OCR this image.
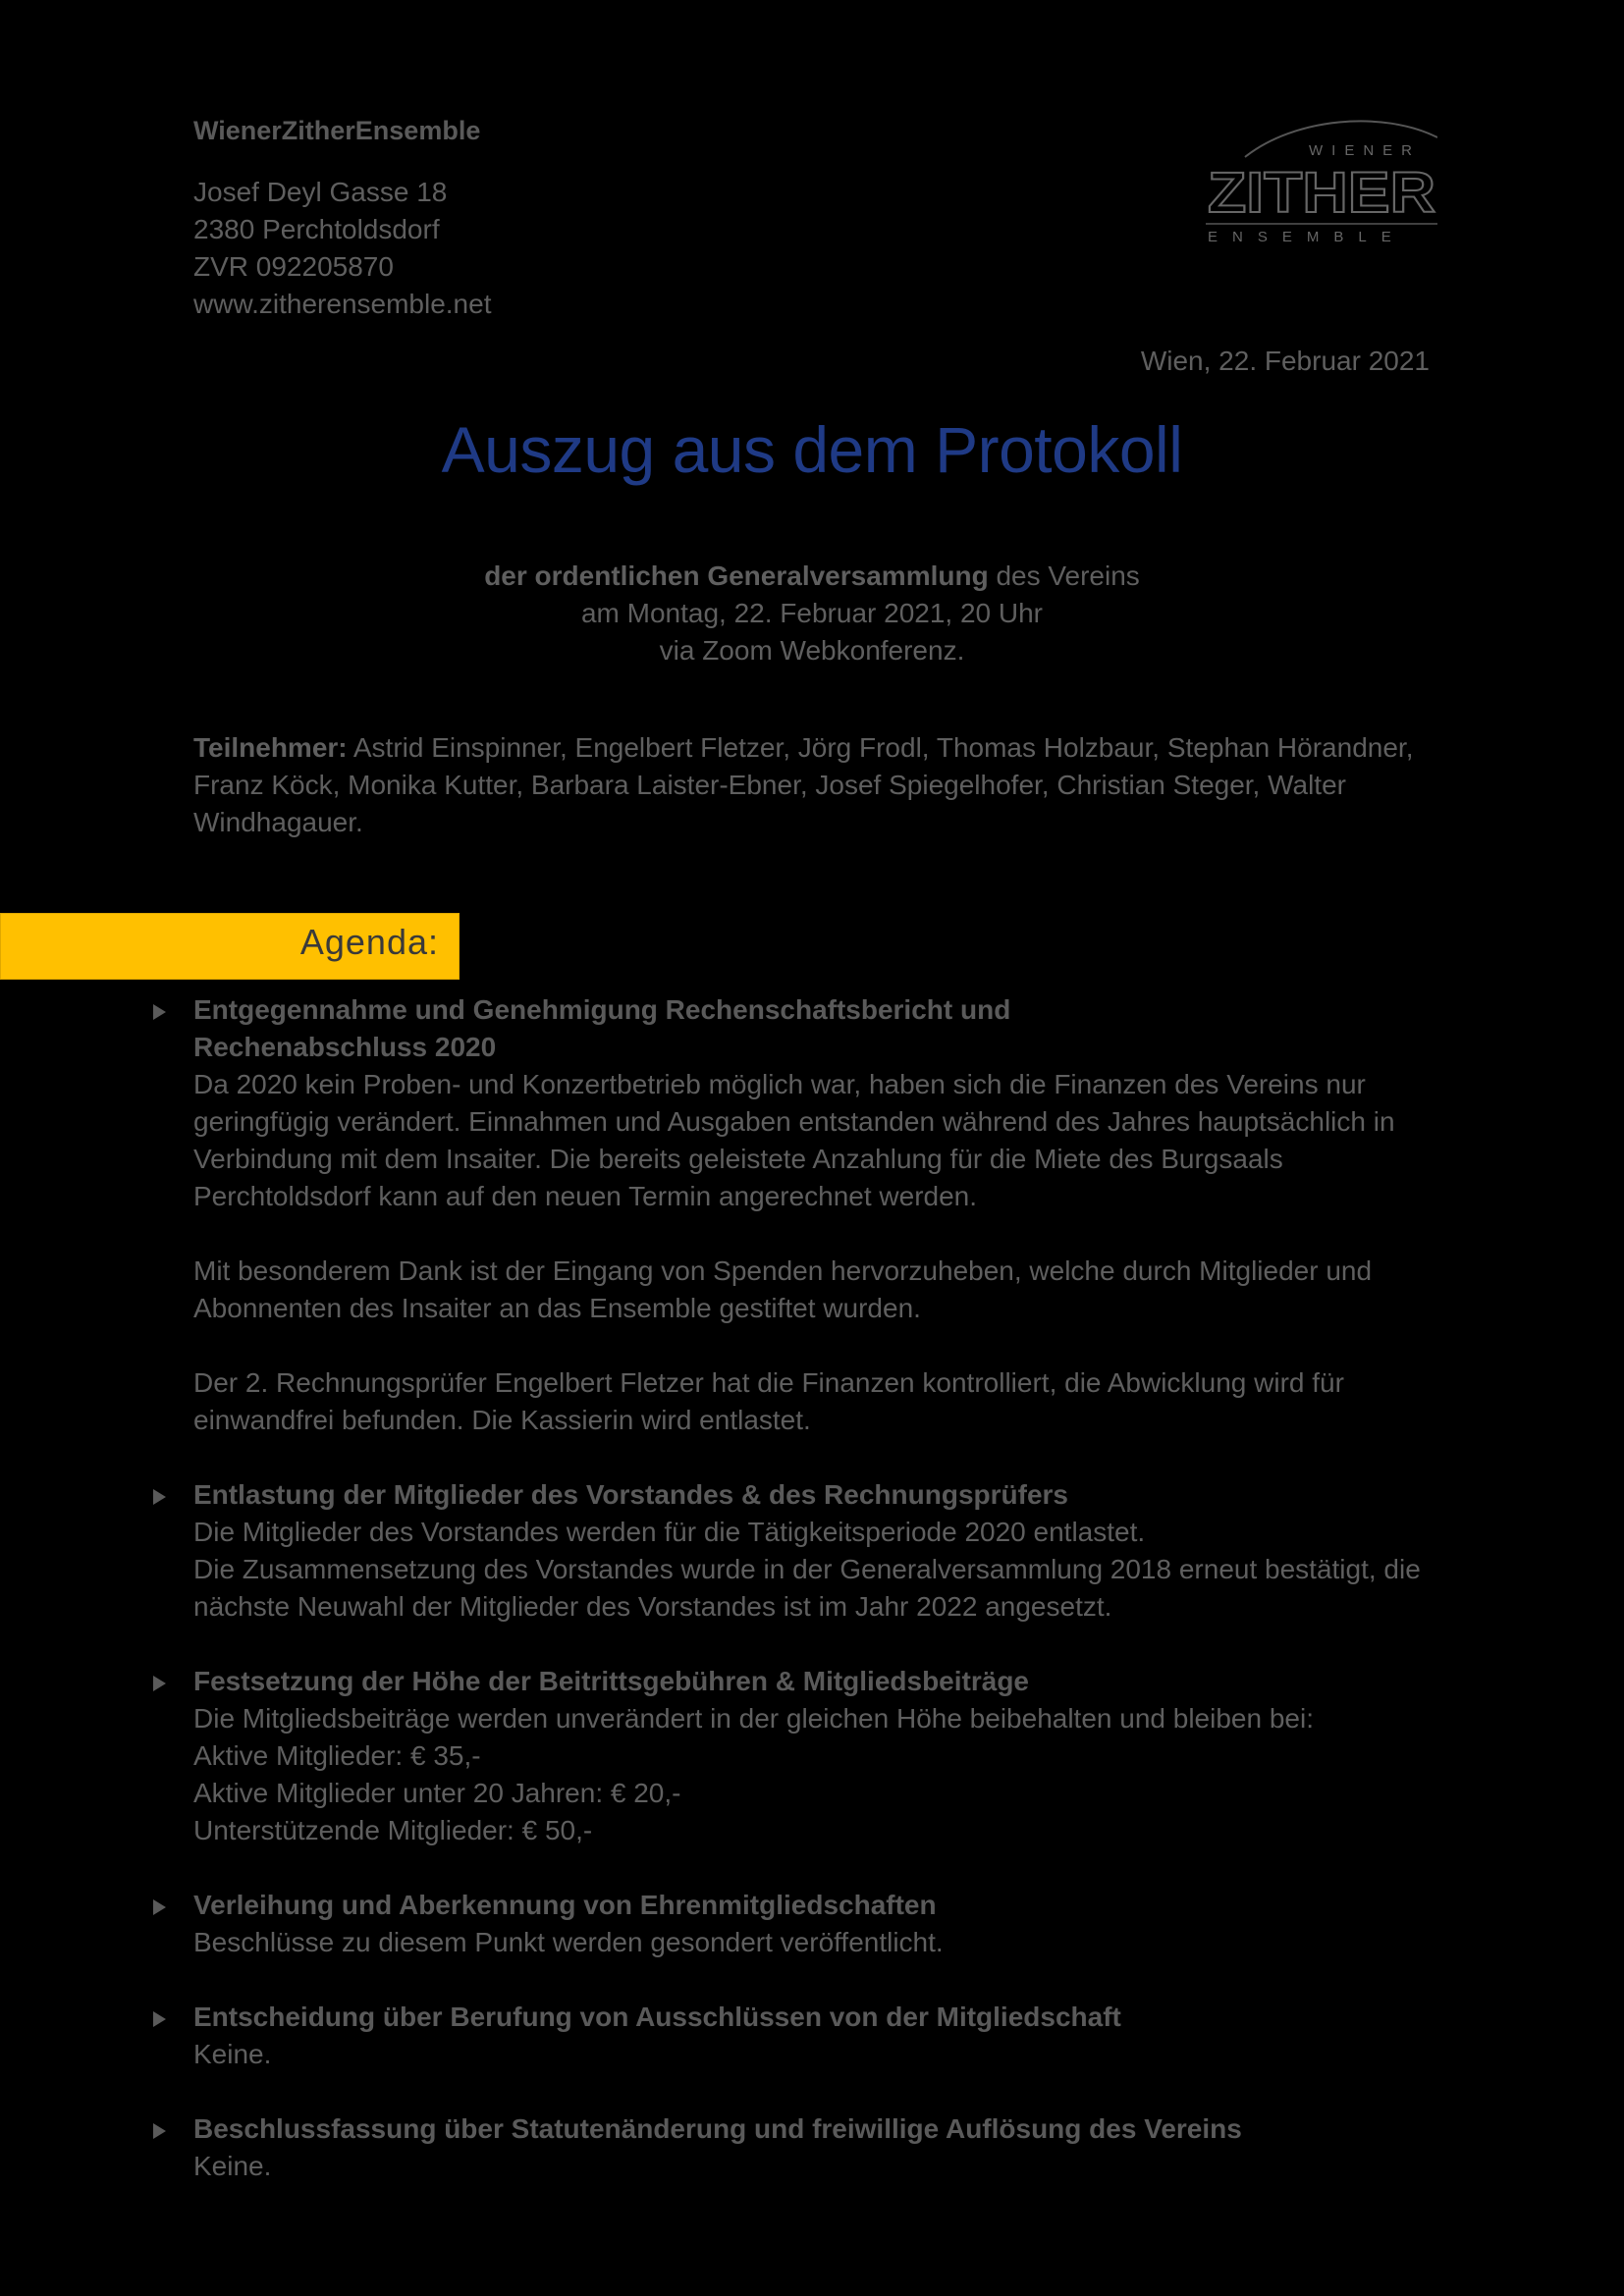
WienerZitherEnsemble
Josef Deyl Gasse 18
2380 Perchtoldsdorf
ZVR 092205870
www.zitherensemble.net
WIENER
ZITHER
ENSEMBLE
Wien, 22. Februar 2021
Auszug aus dem Protokoll
der ordentlichen Generalversammlung des Vereins
am Montag, 22. Februar 2021, 20 Uhr
via Zoom Webkonferenz.
Teilnehmer: Astrid Einspinner, Engelbert Fletzer, Jörg Frodl, Thomas Holzbaur, Stephan Hörandner, Franz Köck, Monika Kutter, Barbara Laister-Ebner, Josef Spiegelhofer, Christian Steger, Walter Windhagauer.
Agenda:
Entgegennahme und Genehmigung Rechenschaftsbericht und Rechenabschluss 2020

Da 2020 kein Proben- und Konzertbetrieb möglich war, haben sich die Finanzen des Vereins nur geringfügig verändert. Einnahmen und Ausgaben entstanden während des Jahres hauptsächlich in Verbindung mit dem Insaiter. Die bereits geleistete Anzahlung für die Miete des Burgsaals Perchtoldsdorf kann auf den neuen Termin angerechnet werden.

Mit besonderem Dank ist der Eingang von Spenden hervorzuheben, welche durch Mitglieder und Abonnenten des Insaiter an das Ensemble gestiftet wurden.

Der 2. Rechnungsprüfer Engelbert Fletzer hat die Finanzen kontrolliert, die Abwicklung wird für einwandfrei befunden. Die Kassierin wird entlastet.

Entlastung der Mitglieder des Vorstandes & des Rechnungsprüfers

Die Mitglieder des Vorstandes werden für die Tätigkeitsperiode 2020 entlastet.

Die Zusammensetzung des Vorstandes wurde in der Generalversammlung 2018 erneut bestätigt, die nächste Neuwahl der Mitglieder des Vorstandes ist im Jahr 2022 angesetzt.

Festsetzung der Höhe der Beitrittsgebühren & Mitgliedsbeiträge

Die Mitgliedsbeiträge werden unverändert in der gleichen Höhe beibehalten und bleiben bei:

Aktive Mitglieder: € 35,-

Aktive Mitglieder unter 20 Jahren: € 20,-

Unterstützende Mitglieder: € 50,-

Verleihung und Aberkennung von Ehrenmitgliedschaften

Beschlüsse zu diesem Punkt werden gesondert veröffentlicht.

Entscheidung über Berufung von Ausschlüssen von der Mitgliedschaft

Keine.

Beschlussfassung über Statutenänderung und freiwillige Auflösung des Vereins

Keine.
